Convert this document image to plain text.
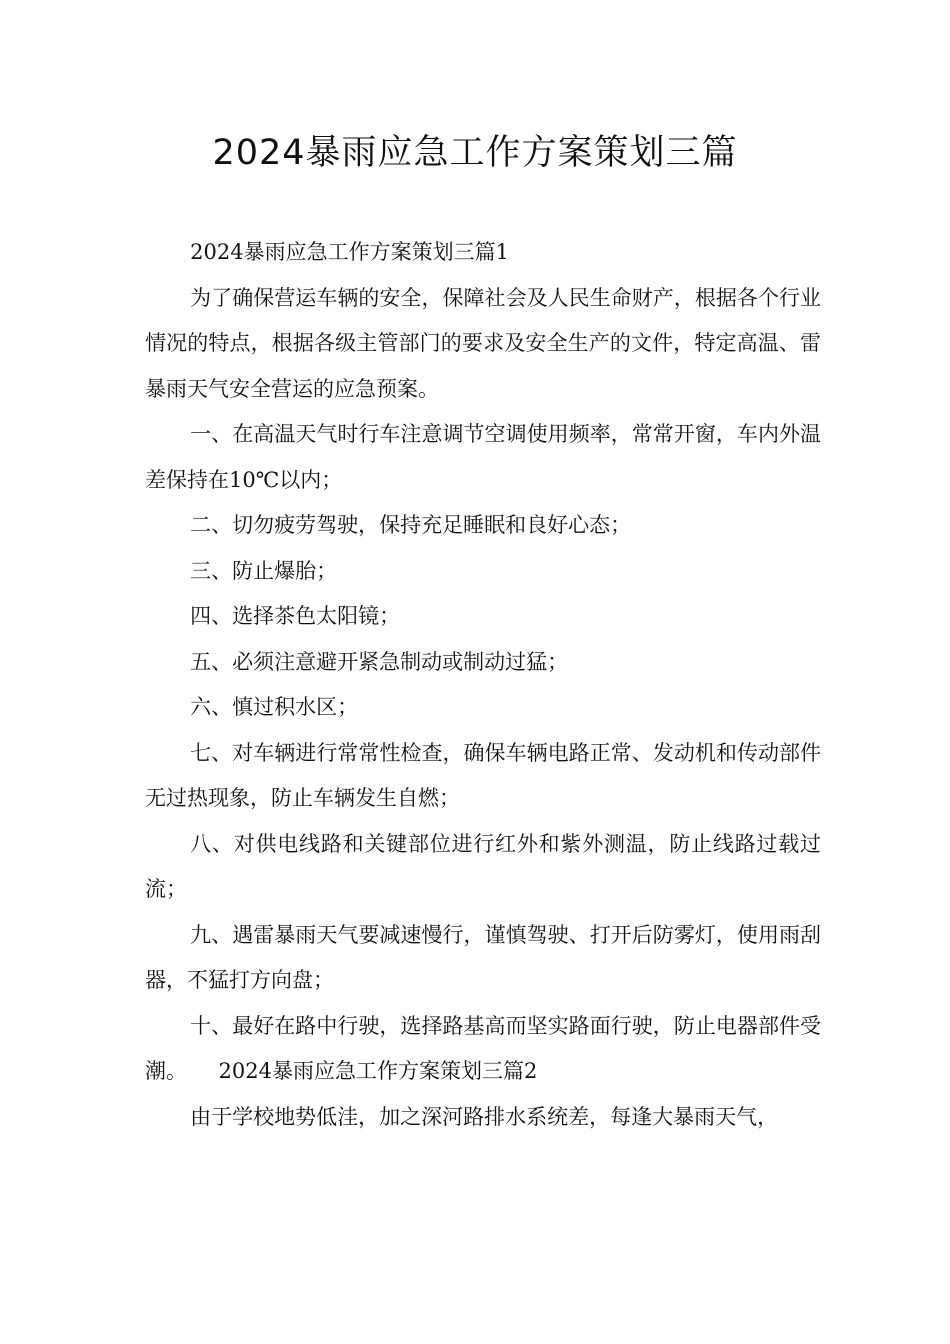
2024暴雨应急工作方案策划三篇

2024暴雨应急工作方案策划三篇1

为了确保营运车辆的安全，保障社会及人民生命财产，根据各个行业情况的特点，根据各级主管部门的要求及安全生产的文件，特定高温、雷暴雨天气安全营运的应急预案。

一、在高温天气时行车注意调节空调使用频率，常常开窗，车内外温差保持在10℃以内；

二、切勿疲劳驾驶，保持充足睡眠和良好心态；

三、防止爆胎；

四、选择茶色太阳镜；

五、必须注意避开紧急制动或制动过猛；

六、慎过积水区；

七、对车辆进行常常性检查，确保车辆电路正常、发动机和传动部件无过热现象，防止车辆发生自燃；

八、对供电线路和关键部位进行红外和紫外测温，防止线路过载过流；

九、遇雷暴雨天气要减速慢行，谨慎驾驶、打开后防雾灯，使用雨刮器，不猛打方向盘；

十、最好在路中行驶，选择路基高而坚实路面行驶，防止电器部件受潮。　　2024暴雨应急工作方案策划三篇2

由于学校地势低洼，加之深河路排水系统差，每逢大暴雨天气，
